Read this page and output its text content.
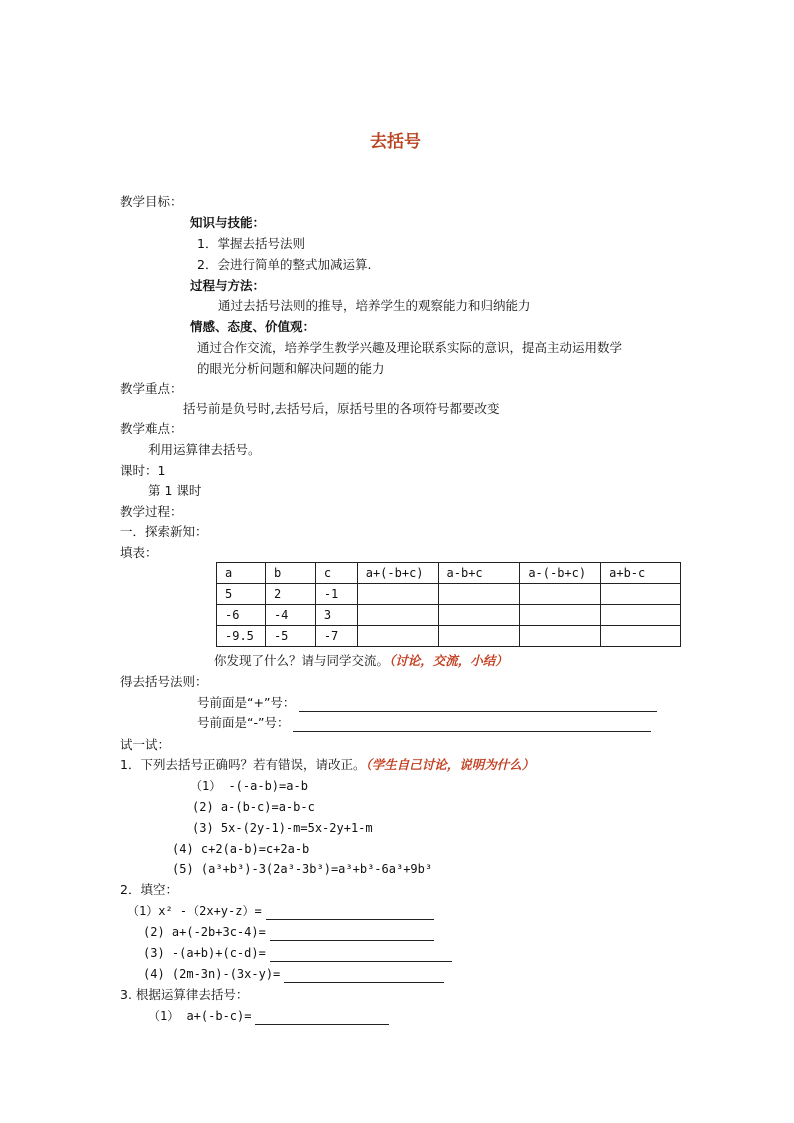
去括号
教学目标：
知识与技能：
1．掌握去括号法则
2．会进行简单的整式加减运算.
过程与方法：
通过去括号法则的推导，培养学生的观察能力和归纳能力
情感、态度、价值观：
通过合作交流，培养学生教学兴趣及理论联系实际的意识，提高主动运用数学
的眼光分析问题和解决问题的能力
教学重点：
括号前是负号时,去括号后，原括号里的各项符号都要改变
教学难点：
利用运算律去括号。
课时：1
第 1 课时
教学过程：
一．探索新知：
填表：
a	b	c	a+(-b+c)	a-b+c	a-(-b+c)	a+b-c
5	2	-1				
-6	-4	3				
-9.5	-5	-7				
你发现了什么？请与同学交流。（讨论，交流，小结）
得去括号法则：
号前面是“+”号：
号前面是“-”号：
试一试：
1．下列去括号正确吗？若有错误，请改正。（学生自己讨论，说明为什么）
（1） -(-a-b)=a-b
(2) a-(b-c)=a-b-c
(3) 5x-(2y-1)-m=5x-2y+1-m
(4) c+2(a-b)=c+2a-b
(5) (a³+b³)-3(2a³-3b³)=a³+b³-6a³+9b³
2．填空：
（1）x² -（2x+y-z）=
(2) a+(-2b+3c-4)=
(3) -(a+b)+(c-d)=
(4) (2m-3n)-(3x-y)=
3. 根据运算律去括号：
（1） a+(-b-c)=
